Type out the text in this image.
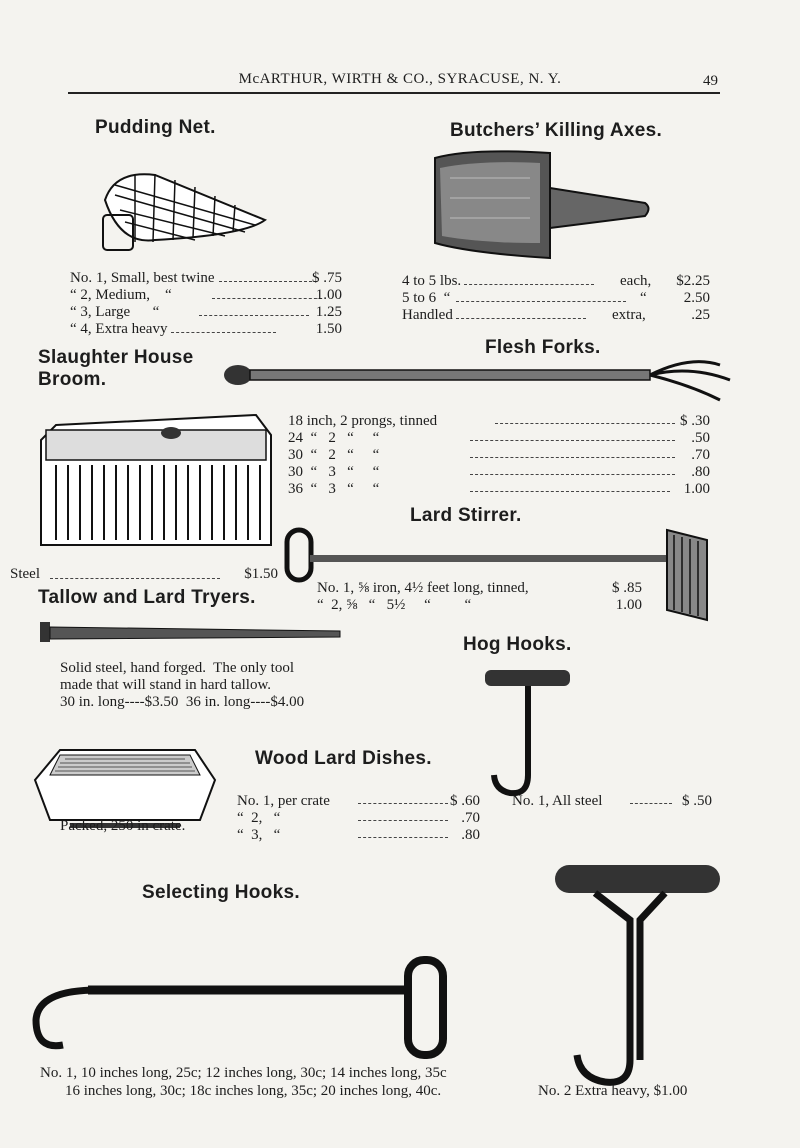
McARTHUR, WIRTH & CO., SYRACUSE, N. Y.	49
Pudding Net.
No. 1, Small, best twine	$ .75
“ 2, Medium,    “	1.00
“ 3, Large      “	1.25
“ 4, Extra heavy	1.50
Butchers’ Killing Axes.
4 to 5 lbs.	each,	$2.25
5 to 6  “	“	2.50
Handled	extra,	.25
Slaughter House
Broom.
Steel	$1.50
Flesh Forks.
18 inch, 2 prongs, tinned	$ .30
24  “   2   “     “	.50
30  “   2   “     “	.70
30  “   3   “     “	.80
36  “   3   “     “	1.00
Lard Stirrer.
No. 1, ⅝ iron, 4½ feet long, tinned,	$ .85
“  2, ⅝   “   5½     “         “	1.00
Tallow and Lard Tryers.
Solid steel, hand forged.  The only tool
made that will stand in hard tallow.
30 in. long----$3.50  36 in. long----$4.00
Hog Hooks.
No. 1, All steel	$ .50
Wood Lard Dishes.
Packed, 250 in crate.
No. 1, per crate	$ .60
“  2,   “	.70
“  3,   “	.80
Selecting Hooks.
No. 1, 10 inches long, 25c; 12 inches long, 30c; 14 inches long, 35c
16 inches long, 30c; 18c inches long, 35c; 20 inches long, 40c.	No. 2 Extra heavy, $1.00
